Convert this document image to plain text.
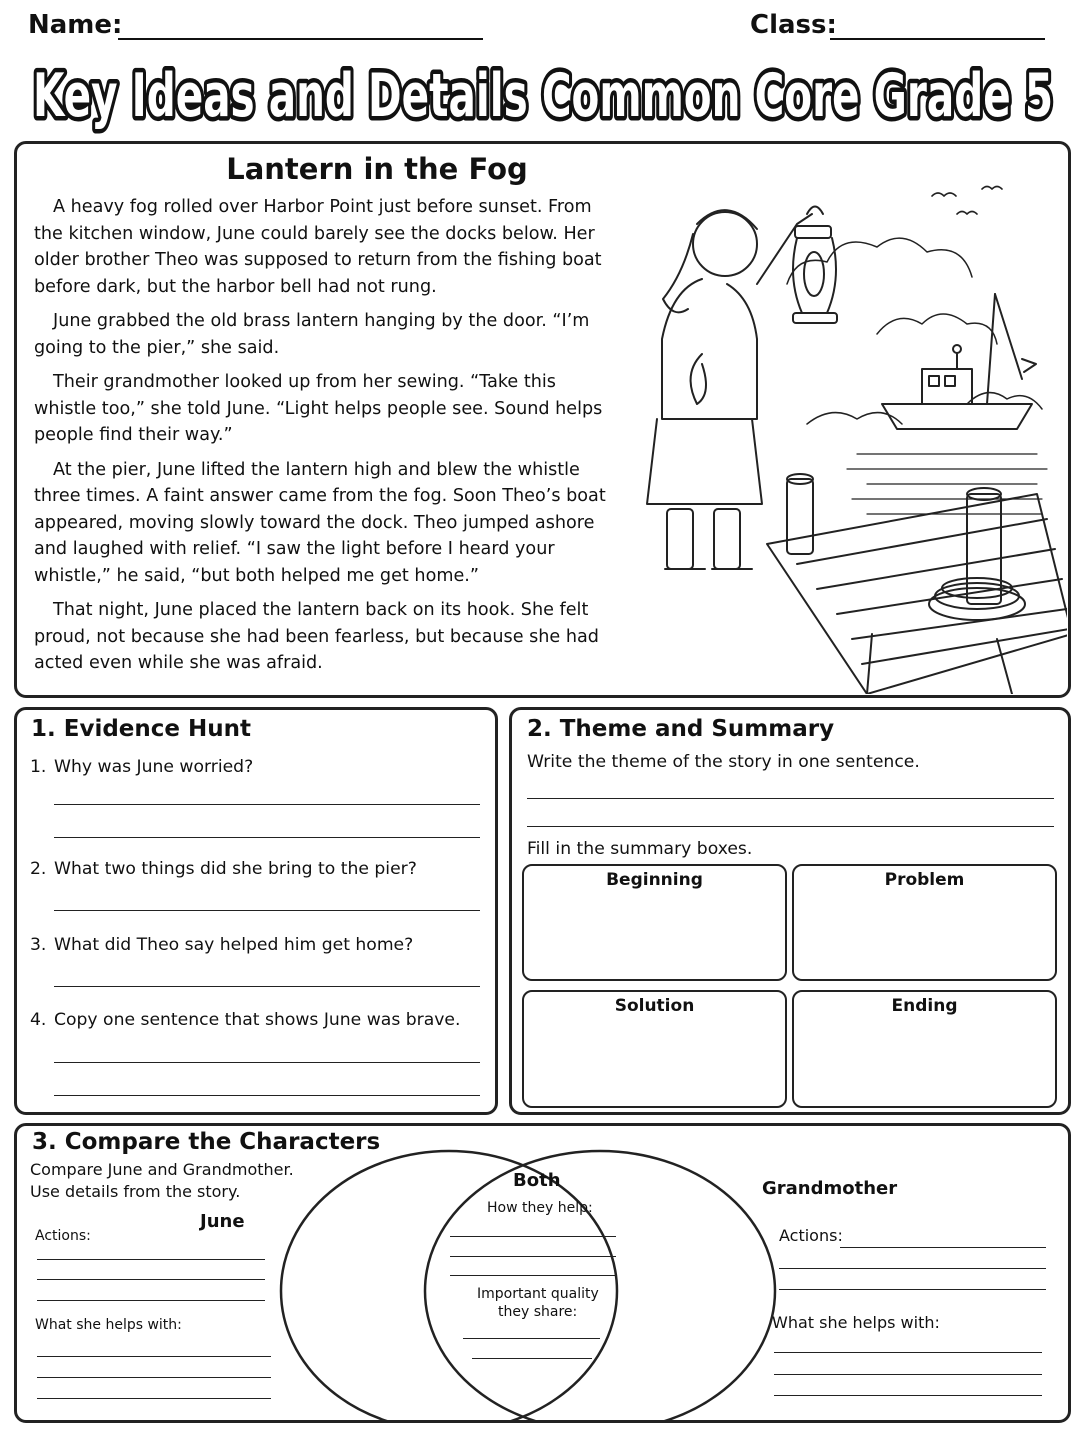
Name:	Class:
Key Ideas and Details Common Core Grade 5
Lantern in the Fog

A heavy fog rolled over Harbor Point just before sunset. From the kitchen window, June could barely see the docks below. Her older brother Theo was supposed to return from the fishing boat before dark, but the harbor bell had not rung.

June grabbed the old brass lantern hanging by the door. “I’m going to the pier,” she said.

Their grandmother looked up from her sewing. “Take this whistle too,” she told June. “Light helps people see. Sound helps people find their way.”

At the pier, June lifted the lantern high and blew the whistle three times. A faint answer came from the fog. Soon Theo’s boat appeared, moving slowly toward the dock. Theo jumped ashore and laughed with relief. “I saw the light before I heard your whistle,” he said, “but both helped me get home.”

That night, June placed the lantern back on its hook. She felt proud, not because she had been fearless, but because she had acted even while she was afraid.

1. Evidence Hunt
1. Why was June worried?
2. What two things did she bring to the pier?
3. What did Theo say helped him get home?
4. Copy one sentence that shows June was brave.
2. Theme and Summary
Write the theme of the story in one sentence.
Fill in the summary boxes.
Beginning	Problem
Solution	Ending
3. Compare the Characters
Compare June and Grandmother.
Use details from the story.
June
Actions:
What she helps with:
Both
How they help:
Important quality
they share:
Grandmother
Actions:
What she helps with:
